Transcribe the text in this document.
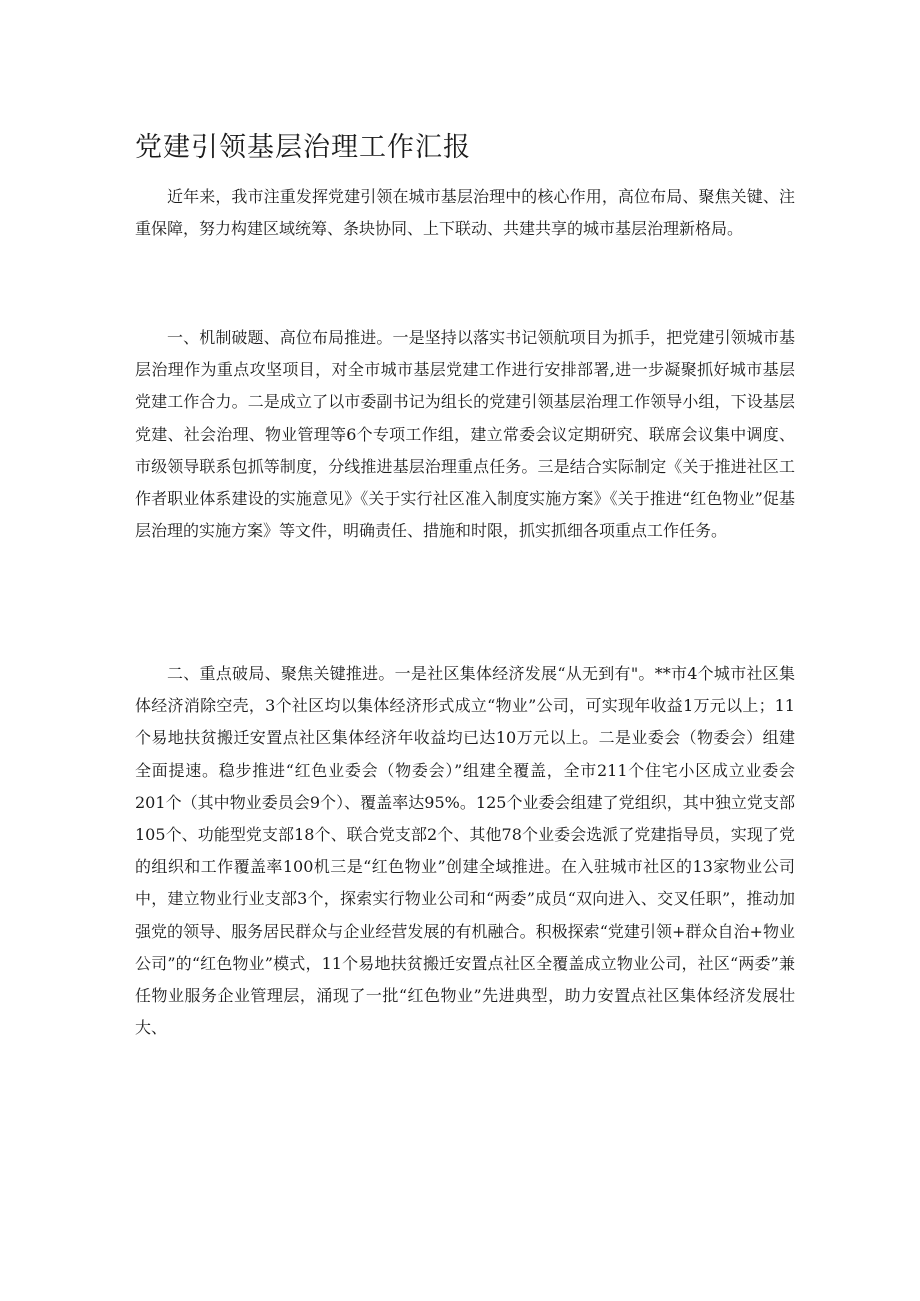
党建引领基层治理工作汇报

近年来，我市注重发挥党建引领在城市基层治理中的核心作用，高位布局、聚焦关键、注重保障，努力构建区域统筹、条块协同、上下联动、共建共享的城市基层治理新格局。

一、机制破题、高位布局推进。一是坚持以落实书记领航项目为抓手，把党建引领城市基层治理作为重点攻坚项目，对全市城市基层党建工作进行安排部署,进一步凝聚抓好城市基层党建工作合力。二是成立了以市委副书记为组长的党建引领基层治理工作领导小组，下设基层党建、社会治理、物业管理等6个专项工作组，建立常委会议定期研究、联席会议集中调度、市级领导联系包抓等制度，分线推进基层治理重点任务。三是结合实际制定《关于推进社区工作者职业体系建设的实施意见》《关于实行社区准入制度实施方案》《关于推进“红色物业”促基层治理的实施方案》等文件，明确责任、措施和时限，抓实抓细各项重点工作任务。

二、重点破局、聚焦关键推进。一是社区集体经济发展“从无到有"。**市4个城市社区集体经济消除空壳，3个社区均以集体经济形式成立“物业”公司，可实现年收益1万元以上；11个易地扶贫搬迁安置点社区集体经济年收益均已达10万元以上。二是业委会（物委会）组建全面提速。稳步推进“红色业委会（物委会）”组建全覆盖，全市211个住宅小区成立业委会201个（其中物业委员会9个）、覆盖率达95%。125个业委会组建了党组织，其中独立党支部105个、功能型党支部18个、联合党支部2个、其他78个业委会选派了党建指导员，实现了党的组织和工作覆盖率100机三是“红色物业”创建全域推进。在入驻城市社区的13家物业公司中，建立物业行业支部3个，探索实行物业公司和“两委”成员“双向进入、交叉任职”，推动加强党的领导、服务居民群众与企业经营发展的有机融合。积极探索“党建引领+群众自治+物业公司”的“红色物业”模式，11个易地扶贫搬迁安置点社区全覆盖成立物业公司，社区“两委”兼任物业服务企业管理层，涌现了一批“红色物业”先进典型，助力安置点社区集体经济发展壮大、
